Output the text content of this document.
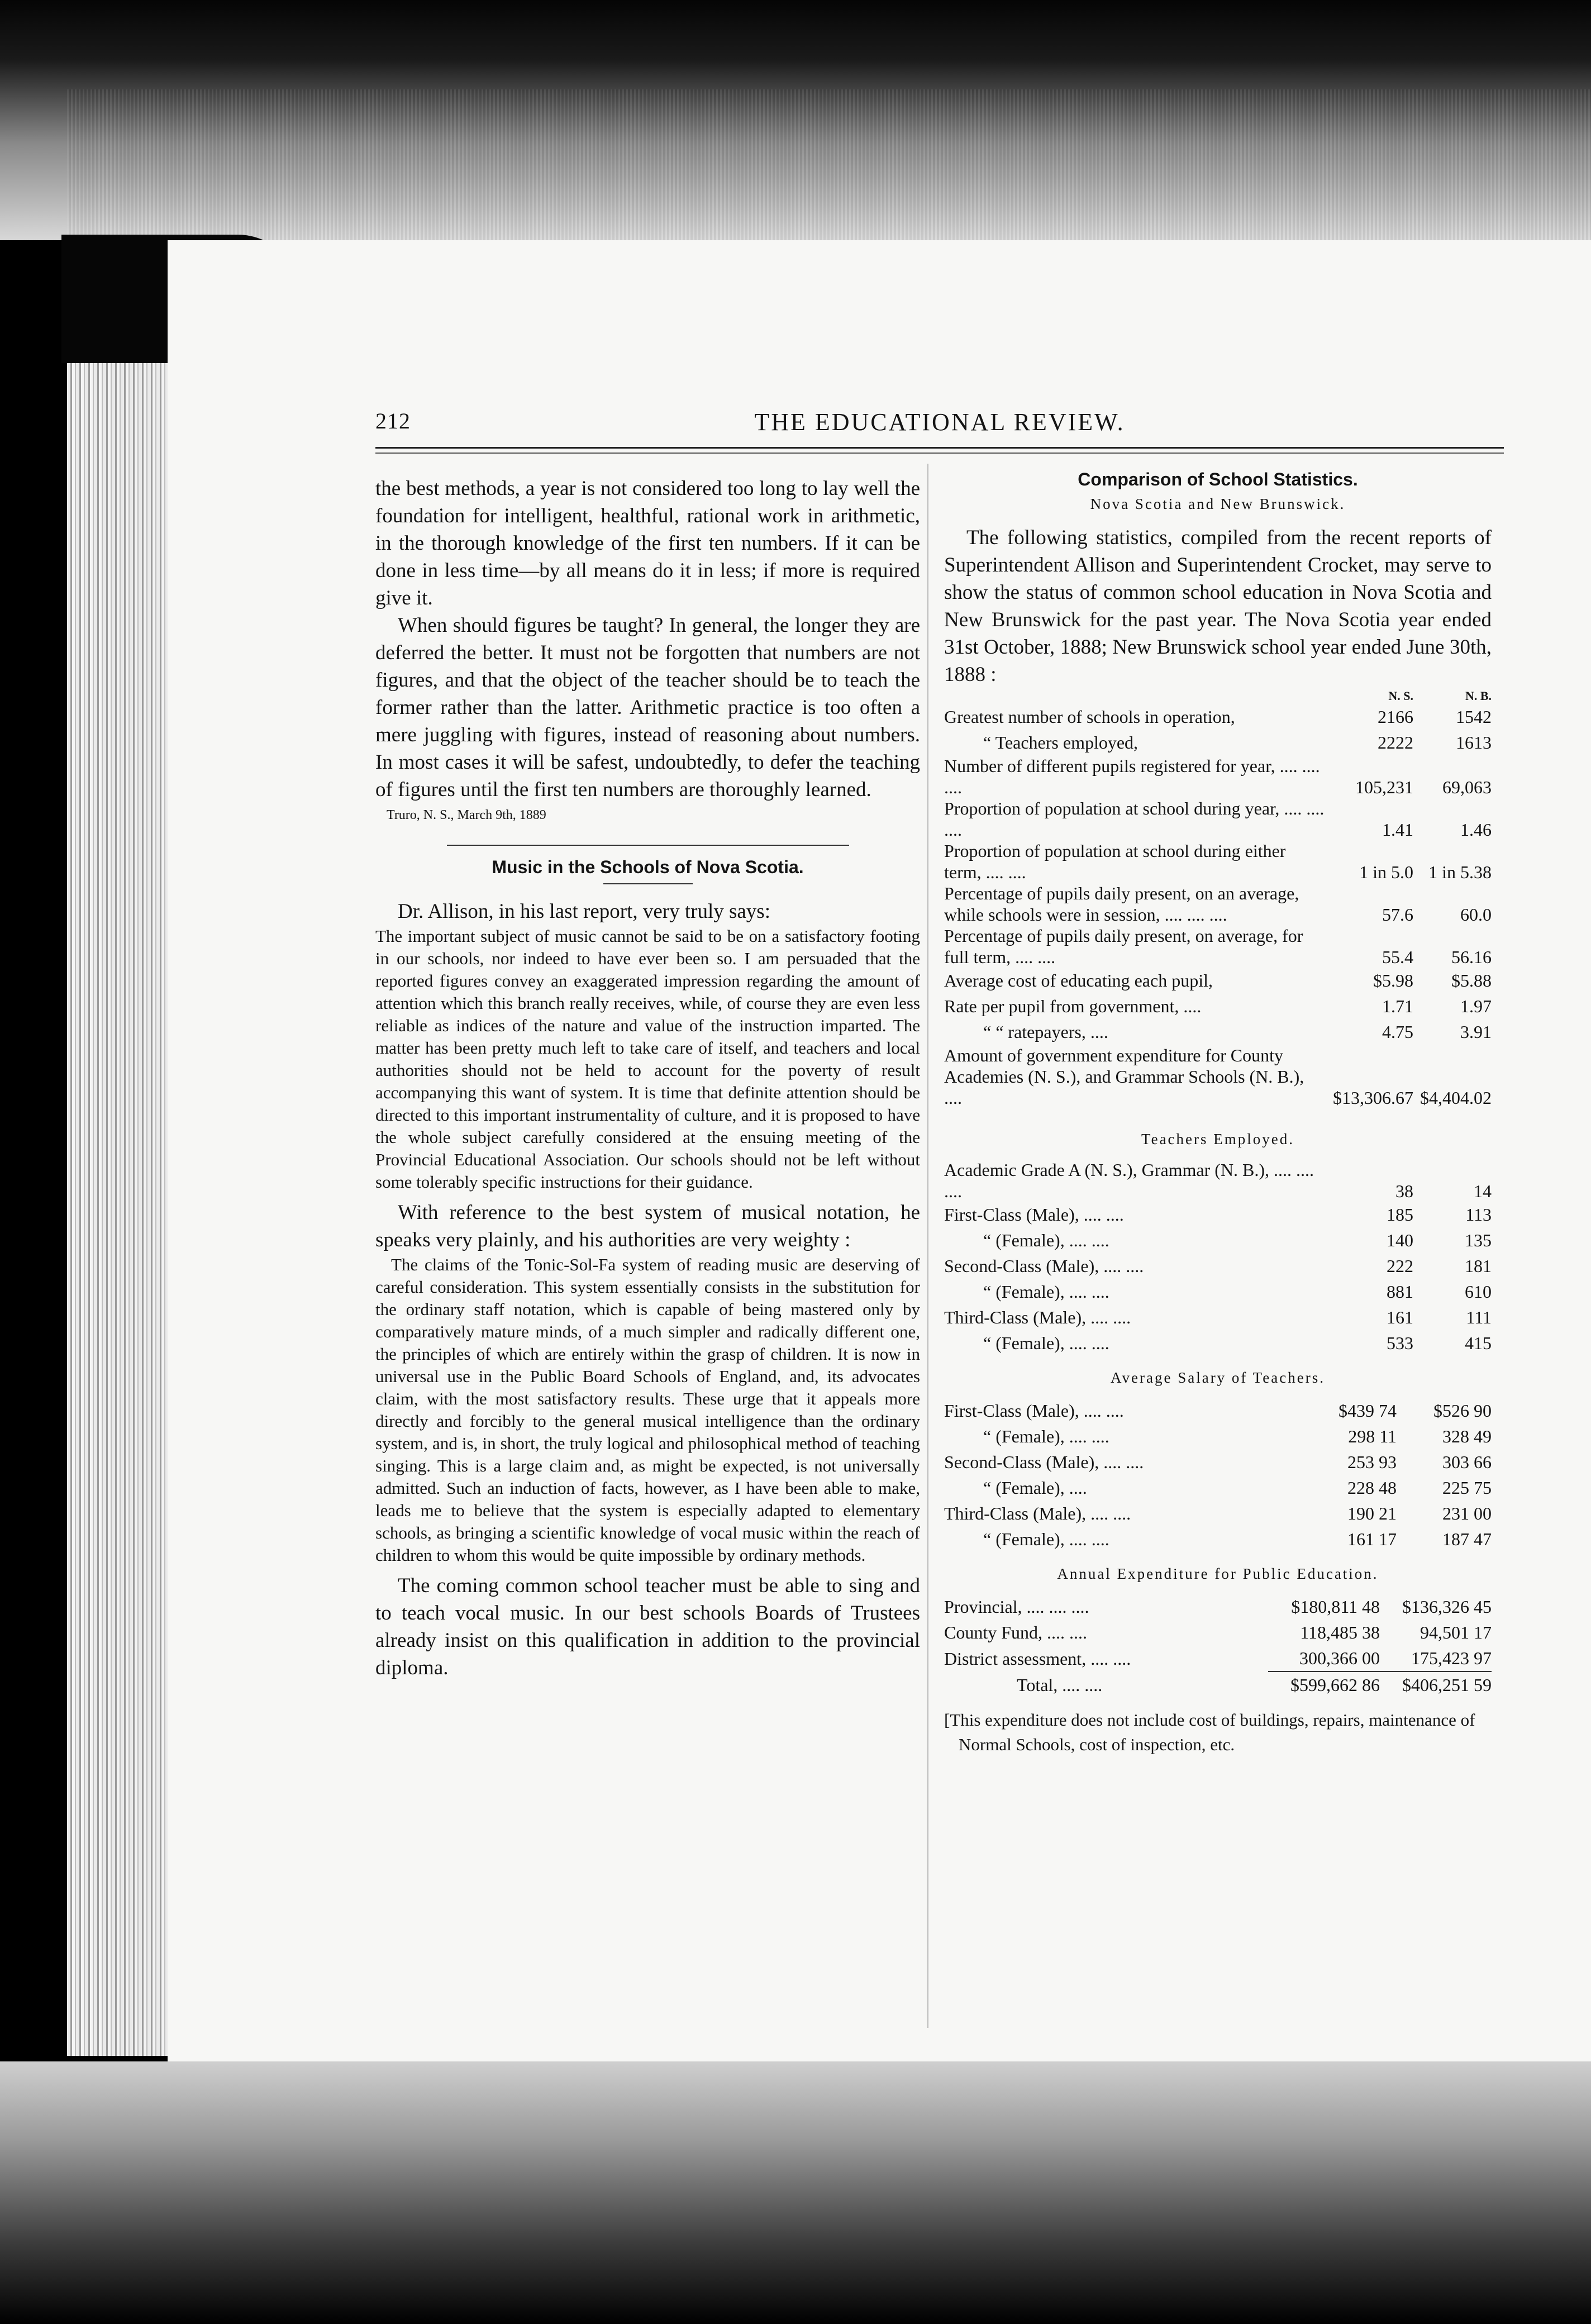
THE EDUCATIONAL REVIEW.
212

the best methods, a year is not considered too long to lay well the foundation for intelligent, healthful, rational work in arithmetic, in the thorough knowledge of the first ten numbers. If it can be done in less time—by all means do it in less; if more is required give it.

When should figures be taught? In general, the longer they are deferred the better. It must not be forgotten that numbers are not figures, and that the object of the teacher should be to teach the former rather than the latter. Arithmetic practice is too often a mere juggling with figures, instead of reasoning about numbers. In most cases it will be safest, undoubtedly, to defer the teaching of figures until the first ten numbers are thoroughly learned.

Truro, N. S., March 9th, 1889
Music in the Schools of Nova Scotia.

Dr. Allison, in his last report, very truly says:

The important subject of music cannot be said to be on a satisfactory footing in our schools, nor indeed to have ever been so. I am persuaded that the reported figures convey an exaggerated impression regarding the amount of attention which this branch really receives, while, of course they are even less reliable as indices of the nature and value of the instruction imparted. The matter has been pretty much left to take care of itself, and teachers and local authorities should not be held to account for the poverty of result accompanying this want of system. It is time that definite attention should be directed to this important instrumentality of culture, and it is proposed to have the whole subject carefully considered at the ensuing meeting of the Provincial Educational Association. Our schools should not be left without some tolerably specific instructions for their guidance.

With reference to the best system of musical notation, he speaks very plainly, and his authorities are very weighty :

The claims of the Tonic-Sol-Fa system of reading music are deserving of careful consideration. This system essentially consists in the substitution for the ordinary staff notation, which is capable of being mastered only by comparatively mature minds, of a much simpler and radically different one, the principles of which are entirely within the grasp of children. It is now in universal use in the Public Board Schools of England, and, its advocates claim, with the most satisfactory results. These urge that it appeals more directly and forcibly to the general musical intelligence than the ordinary system, and is, in short, the truly logical and philosophical method of teaching singing. This is a large claim and, as might be expected, is not universally admitted. Such an induction of facts, however, as I have been able to make, leads me to believe that the system is especially adapted to elementary schools, as bringing a scientific knowledge of vocal music within the reach of children to whom this would be quite impossible by ordinary methods.

The coming common school teacher must be able to sing and to teach vocal music. In our best schools Boards of Trustees already insist on this qualification in addition to the provincial diploma.

Comparison of School Statistics.
Nova Scotia and New Brunswick.

The following statistics, compiled from the recent reports of Superintendent Allison and Superintendent Crocket, may serve to show the status of common school education in Nova Scotia and New Brunswick for the past year. The Nova Scotia year ended 31st October, 1888; New Brunswick school year ended June 30th, 1888 :

	N. S.	N. B.
Greatest number of schools in operation,	2166	1542
“ Teachers employed,	2222	1613
Number of different pupils registered for year, .... .... ....	105,231	69,063
Proportion of population at school during year, .... .... ....	1.41	1.46
Proportion of population at school during either term, .... ....	1 in 5.0	1 in 5.38
Percentage of pupils daily present, on an average, while schools were in session, .... .... ....	57.6	60.0
Percentage of pupils daily present, on average, for full term, .... ....	55.4	56.16
Average cost of educating each pupil,	$5.98	$5.88
Rate per pupil from government, ....	1.71	1.97
“ “ ratepayers, ....	4.75	3.91
Amount of government expenditure for County Academies (N. S.), and Grammar Schools (N. B.), ....	$13,306.67	$4,404.02
Teachers Employed.
Academic Grade A (N. S.), Grammar (N. B.), .... .... ....	38	14
First-Class (Male), .... ....	185	113
“ (Female), .... ....	140	135
Second-Class (Male), .... ....	222	181
“ (Female), .... ....	881	610
Third-Class (Male), .... ....	161	111
“ (Female), .... ....	533	415
Average Salary of Teachers.
First-Class (Male), .... ....	$439 74	$526 90
“ (Female), .... ....	298 11	328 49
Second-Class (Male), .... ....	253 93	303 66
“ (Female), ....	228 48	225 75
Third-Class (Male), .... ....	190 21	231 00
“ (Female), .... ....	161 17	187 47
Annual Expenditure for Public Education.
Provincial, .... .... ....	$180,811 48	$136,326 45
County Fund, .... ....	118,485 38	94,501 17
District assessment, .... ....	300,366 00	175,423 97
Total, .... ....	$599,662 86	$406,251 59
[This expenditure does not include cost of buildings, repairs, maintenance of Normal Schools, cost of inspection, etc.
